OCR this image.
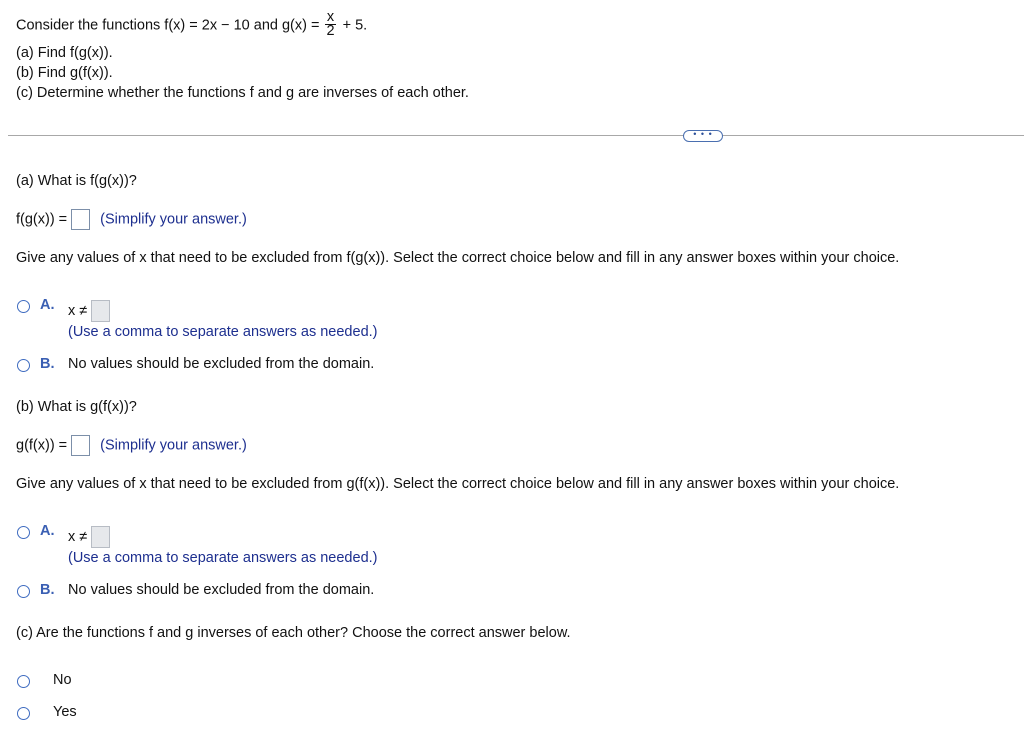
Consider the functions f(x) = 2x − 10 and $g(x) = \frac{x}{2} + 5$.
(a) Find f(g(x)).
(b) Find g(f(x)).
(c) Determine whether the functions f and g are inverses of each other.
• • •
(a) What is f(g(x))?
f(g(x)) = (Simplify your answer.)
Give any values of x that need to be excluded from f(g(x)). Select the correct choice below and fill in any answer boxes within your choice.
A. x ≠
(Use a comma to separate answers as needed.)
B. No values should be excluded from the domain.
(b) What is g(f(x))?
g(f(x)) = (Simplify your answer.)
Give any values of x that need to be excluded from g(f(x)). Select the correct choice below and fill in any answer boxes within your choice.
A. x ≠
(Use a comma to separate answers as needed.)
B. No values should be excluded from the domain.
(c) Are the functions f and g inverses of each other? Choose the correct answer below.
No
Yes
